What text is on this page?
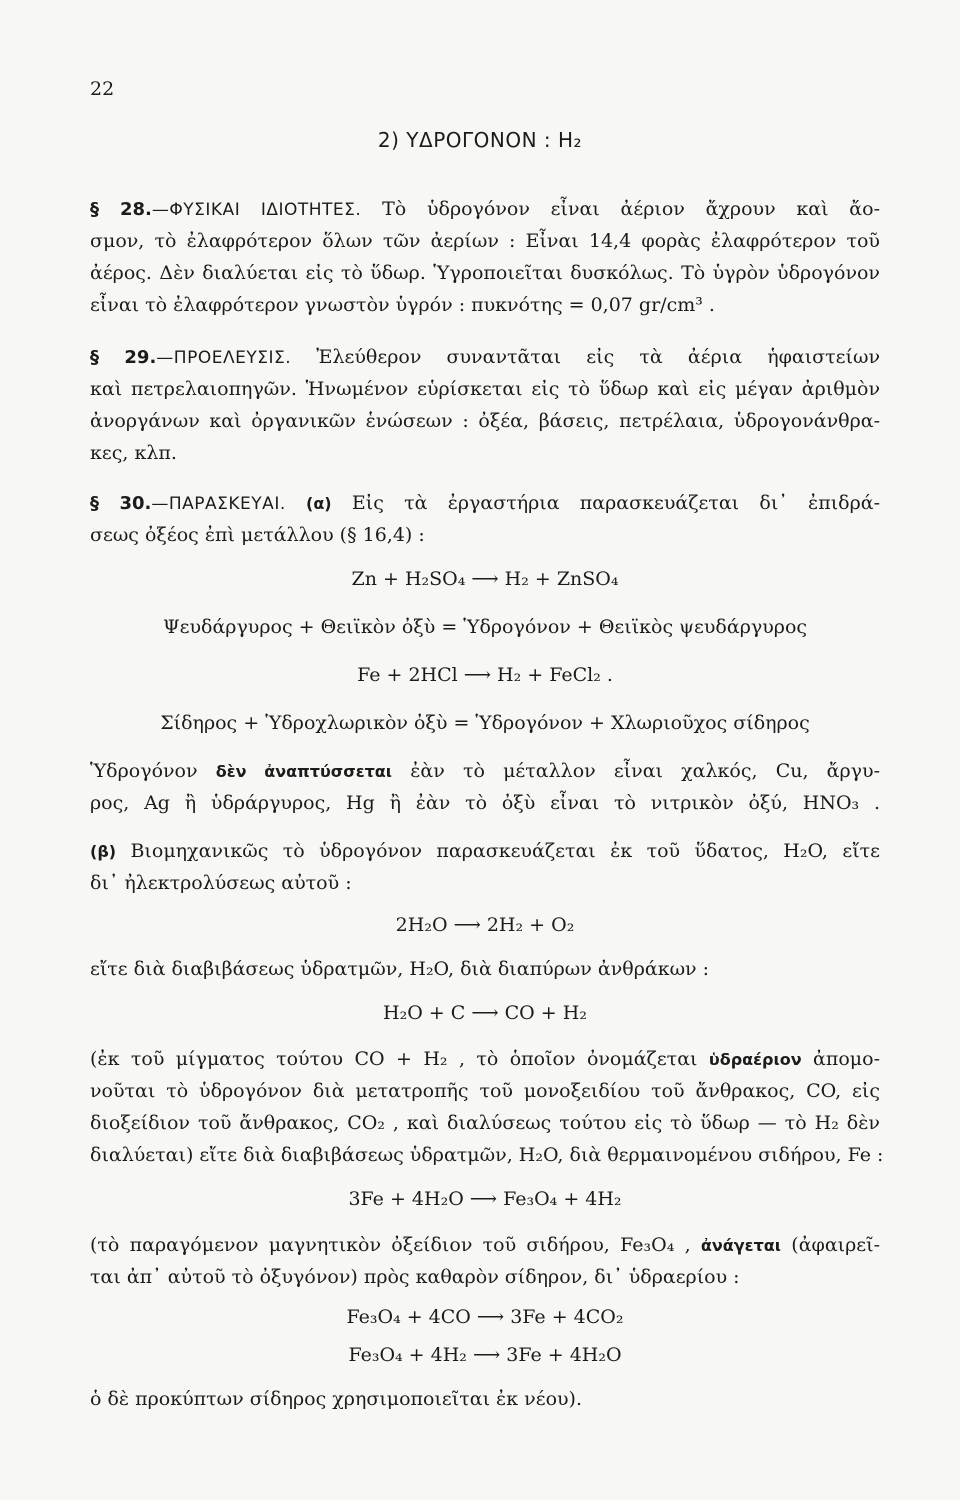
22
2) ΥΔΡΟΓΟΝΟΝ : H₂
§ 28.—ΦΥΣΙΚΑΙ ΙΔΙΟΤΗΤΕΣ. Τὸ ὑδρογόνον εἶναι ἀέριον ἄχρουν καὶ ἄο-
σμον, τὸ ἐλαφρότερον ὅλων τῶν ἀερίων : Εἶναι 14,4 φορὰς ἐλαφρότερον τοῦ
ἀέρος. Δὲν διαλύεται εἰς τὸ ὕδωρ. Ὑγροποιεῖται δυσκόλως. Τὸ ὑγρὸν ὑδρογόνον
εἶναι τὸ ἐλαφρότερον γνωστὸν ὑγρόν : πυκνότης = 0,07 gr/cm³ .
§ 29.—ΠΡΟΕΛΕΥΣΙΣ. Ἐλεύθερον συναντᾶται εἰς τὰ ἀέρια ἡφαιστείων
καὶ πετρελαιοπηγῶν. Ἡνωμένον εὑρίσκεται εἰς τὸ ὕδωρ καὶ εἰς μέγαν ἀριθμὸν
ἀνοργάνων καὶ ὀργανικῶν ἑνώσεων : ὀξέα, βάσεις, πετρέλαια, ὑδρογονάνθρα-
κες, κλπ.
§ 30.—ΠΑΡΑΣΚΕΥΑΙ. (α) Εἰς τὰ ἐργαστήρια παρασκευάζεται δι᾽ ἐπιδρά-
σεως ὀξέος ἐπὶ μετάλλου (§ 16,4) :
Zn + H₂SO₄ ⟶ H₂ + ZnSO₄
Ψευδάργυρος + Θειϊκὸν ὀξὺ = Ὑδρογόνον + Θειϊκὸς ψευδάργυρος
Fe + 2HCl ⟶ H₂ + FeCl₂ .
Σίδηρος + Ὑδροχλωρικὸν ὀξὺ = Ὑδρογόνον + Χλωριοῦχος σίδηρος
Ὑδρογόνον δὲν ἀναπτύσσεται ἐὰν τὸ μέταλλον εἶναι χαλκός, Cu, ἄργυ-
ρος, Ag ἢ ὑδράργυρος, Hg ἢ ἐὰν τὸ ὀξὺ εἶναι τὸ νιτρικὸν ὀξύ, HNO₃ .
(β) Βιομηχανικῶς τὸ ὑδρογόνον παρασκευάζεται ἐκ τοῦ ὕδατος, H₂O, εἴτε
δι᾽ ἠλεκτρολύσεως αὐτοῦ :
2H₂O ⟶ 2H₂ + O₂
εἴτε διὰ διαβιβάσεως ὑδρατμῶν, H₂O, διὰ διαπύρων ἀνθράκων :
H₂O + C ⟶ CO + H₂
(ἐκ τοῦ μίγματος τούτου CO + H₂ , τὸ ὁποῖον ὀνομάζεται ὑδραέριον ἀπομο-
νοῦται τὸ ὑδρογόνον διὰ μετατροπῆς τοῦ μονοξειδίου τοῦ ἄνθρακος, CO, εἰς
διοξείδιον τοῦ ἄνθρακος, CO₂ , καὶ διαλύσεως τούτου εἰς τὸ ὕδωρ — τὸ H₂ δὲν
διαλύεται) εἴτε διὰ διαβιβάσεως ὑδρατμῶν, H₂O, διὰ θερμαινομένου σιδήρου, Fe :
3Fe + 4H₂O ⟶ Fe₃O₄ + 4H₂
(τὸ παραγόμενον μαγνητικὸν ὀξείδιον τοῦ σιδήρου, Fe₃O₄ , ἀνάγεται (ἀφαιρεῖ-
ται ἀπ᾽ αὐτοῦ τὸ ὀξυγόνον) πρὸς καθαρὸν σίδηρον, δι᾽ ὑδραερίου :
Fe₃O₄ + 4CO ⟶ 3Fe + 4CO₂
Fe₃O₄ + 4H₂ ⟶ 3Fe + 4H₂O
ὁ δὲ προκύπτων σίδηρος χρησιμοποιεῖται ἐκ νέου).
